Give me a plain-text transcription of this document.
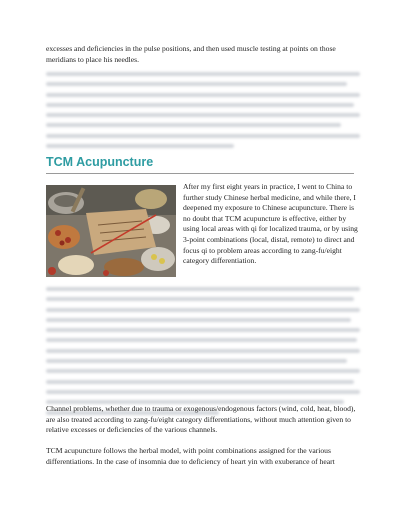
excesses and deficiencies in the pulse positions, and then used muscle testing at points on those meridians to place his needles.

TCM Acupuncture

After my first eight years in practice, I went to China to further study Chinese herbal medicine, and while there, I deepened my exposure to Chinese acupuncture. There is no doubt that TCM acupuncture is effective, either by using local areas with qi for localized trauma, or by using 3-point combinations (local, distal, remote) to direct and focus qi to problem areas according to zang-fu/eight category differentiation.

Channel problems, whether due to trauma or exogenous/endogenous factors (wind, cold, heat, blood), are also treated according to zang-fu/eight category differentiations, without much attention given to relative excesses or deficiencies of the various channels.

TCM acupuncture follows the herbal model, with point combinations assigned for the various differentiations. In the case of insomnia due to deficiency of heart yin with exuberance of heart
